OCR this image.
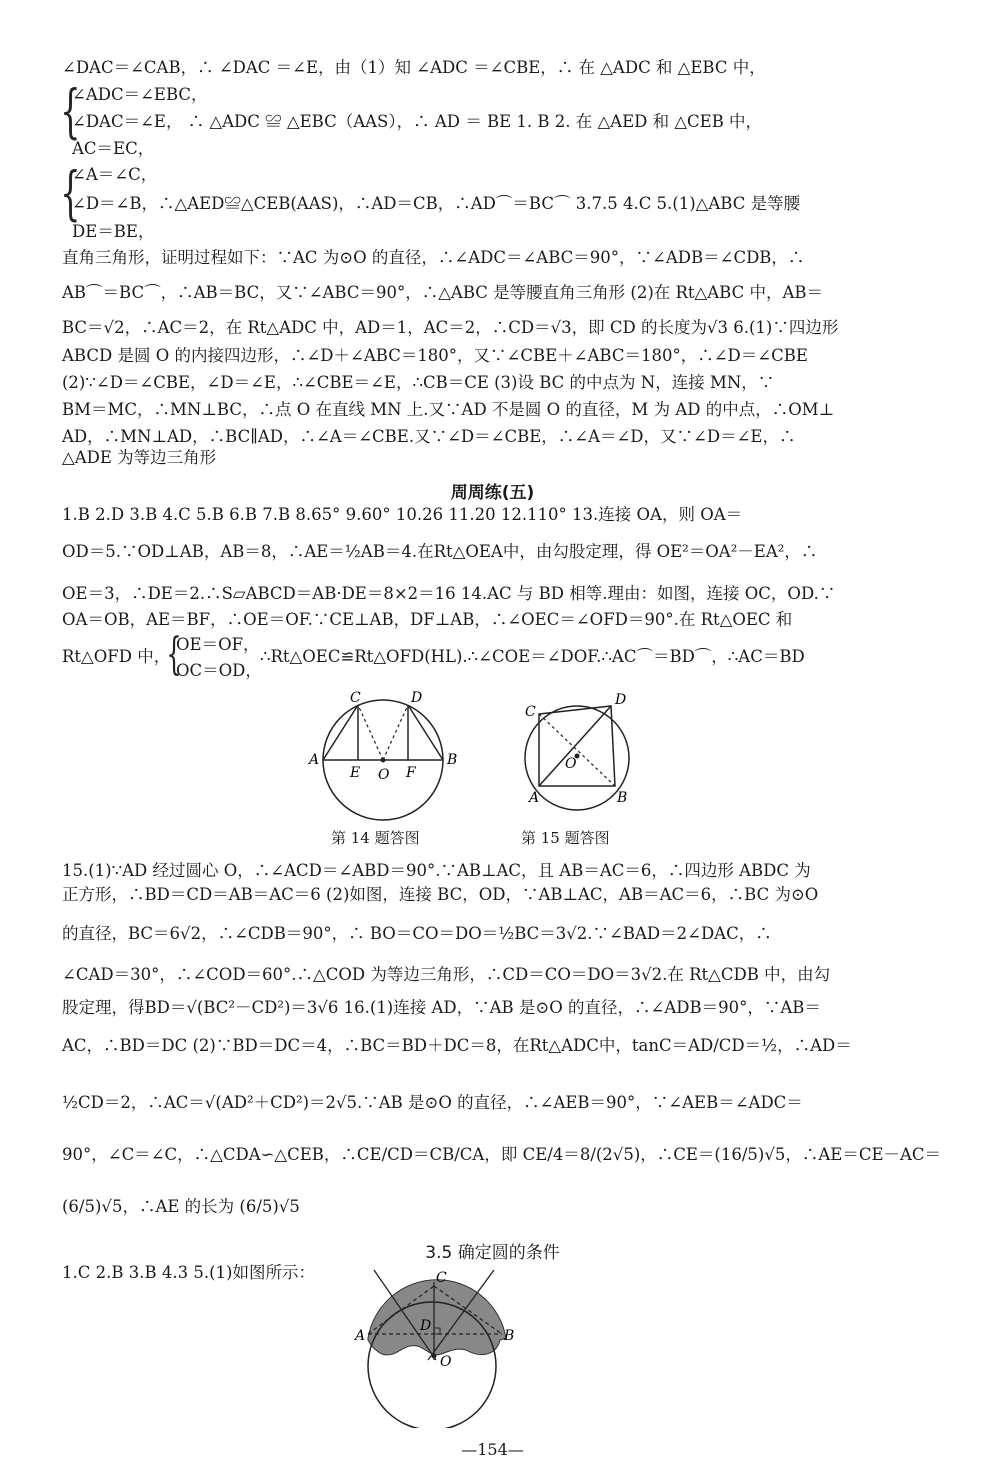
∠DAC＝∠CAB，∴ ∠DAC ＝∠E，由（1）知 ∠ADC ＝∠CBE，∴ 在 △ADC 和 △EBC 中，
{
∠ADC＝∠EBC，
∠DAC＝∠E， ∴ △ADC ≌ △EBC（AAS），∴ AD ＝ BE 1. B 2. 在 △AED 和 △CEB 中，
AC＝EC，
{
∠A＝∠C，
∠D＝∠B，∴△AED≌△CEB(AAS)，∴AD＝CB，∴AD⌒＝BC⌒ 3.7.5 4.C 5.(1)△ABC 是等腰
DE＝BE，
直角三角形，证明过程如下：∵AC 为⊙O 的直径，∴∠ADC＝∠ABC＝90°，∵∠ADB＝∠CDB，∴
AB⌒＝BC⌒，∴AB＝BC，又∵∠ABC＝90°，∴△ABC 是等腰直角三角形 (2)在 Rt△ABC 中，AB＝
BC＝√2，∴AC＝2，在 Rt△ADC 中，AD＝1，AC＝2，∴CD＝√3，即 CD 的长度为√3 6.(1)∵四边形
ABCD 是圆 O 的内接四边形，∴∠D＋∠ABC＝180°，又∵∠CBE＋∠ABC＝180°，∴∠D＝∠CBE
(2)∵∠D＝∠CBE，∠D＝∠E，∴∠CBE＝∠E，∴CB＝CE (3)设 BC 的中点为 N，连接 MN，∵
BM＝MC，∴MN⊥BC，∴点 O 在直线 MN 上.又∵AD 不是圆 O 的直径，M 为 AD 的中点，∴OM⊥
AD，∴MN⊥AD，∴BC∥AD，∴∠A＝∠CBE.又∵∠D＝∠CBE，∴∠A＝∠D，又∵∠D＝∠E，∴
△ADE 为等边三角形
周周练(五)
1.B 2.D 3.B 4.C 5.B 6.B 7.B 8.65° 9.60° 10.26 11.20 12.110° 13.连接 OA，则 OA＝
OD＝5.∵OD⊥AB，AB＝8，∴AE＝½AB＝4.在Rt△OEA中，由勾股定理，得 OE²＝OA²－EA²，∴
OE＝3，∴DE＝2.∴S▱ABCD＝AB·DE＝8×2＝16 14.AC 与 BD 相等.理由：如图，连接 OC，OD.∵
OA＝OB，AE＝BF，∴OE＝OF.∵CE⊥AB，DF⊥AB，∴∠OEC＝∠OFD＝90°.在 Rt△OEC 和
Rt△OFD 中，
{
OE＝OF，
OC＝OD，
∴Rt△OEC≌Rt△OFD(HL).∴∠COE＝∠DOF.∴AC⌒＝BD⌒，∴AC＝BD
C	D
A
E O F
B
第 14 题答图
C
D
O
A	B
第 15 题答图
15.(1)∵AD 经过圆心 O，∴∠ACD＝∠ABD＝90°.∵AB⊥AC，且 AB＝AC＝6，∴四边形 ABDC 为
正方形，∴BD＝CD＝AB＝AC＝6 (2)如图，连接 BC，OD，∵AB⊥AC，AB＝AC＝6，∴BC 为⊙O
的直径，BC＝6√2，∴∠CDB＝90°，∴ BO＝CO＝DO＝½BC＝3√2.∵∠BAD＝2∠DAC，∴
∠CAD＝30°，∴∠COD＝60°.∴△COD 为等边三角形，∴CD＝CO＝DO＝3√2.在 Rt△CDB 中，由勾
股定理，得BD＝√(BC²－CD²)＝3√6 16.(1)连接 AD，∵AB 是⊙O 的直径，∴∠ADB＝90°，∵AB＝
AC，∴BD＝DC (2)∵BD＝DC＝4，∴BC＝BD＋DC＝8，在Rt△ADC中，tanC＝AD/CD＝½，∴AD＝
½CD＝2，∴AC＝√(AD²＋CD²)＝2√5.∵AB 是⊙O 的直径，∴∠AEB＝90°，∵∠AEB＝∠ADC＝
90°，∠C＝∠C，∴△CDA∽△CEB，∴CE/CD＝CB/CA，即 CE/4＝8/(2√5)，∴CE＝(16/5)√5，∴AE＝CE－AC＝
(6/5)√5，∴AE 的长为 (6/5)√5
3.5 确定圆的条件
1.C 2.B 3.B 4.3 5.(1)如图所示：	C
A
D
B
O
—154—
